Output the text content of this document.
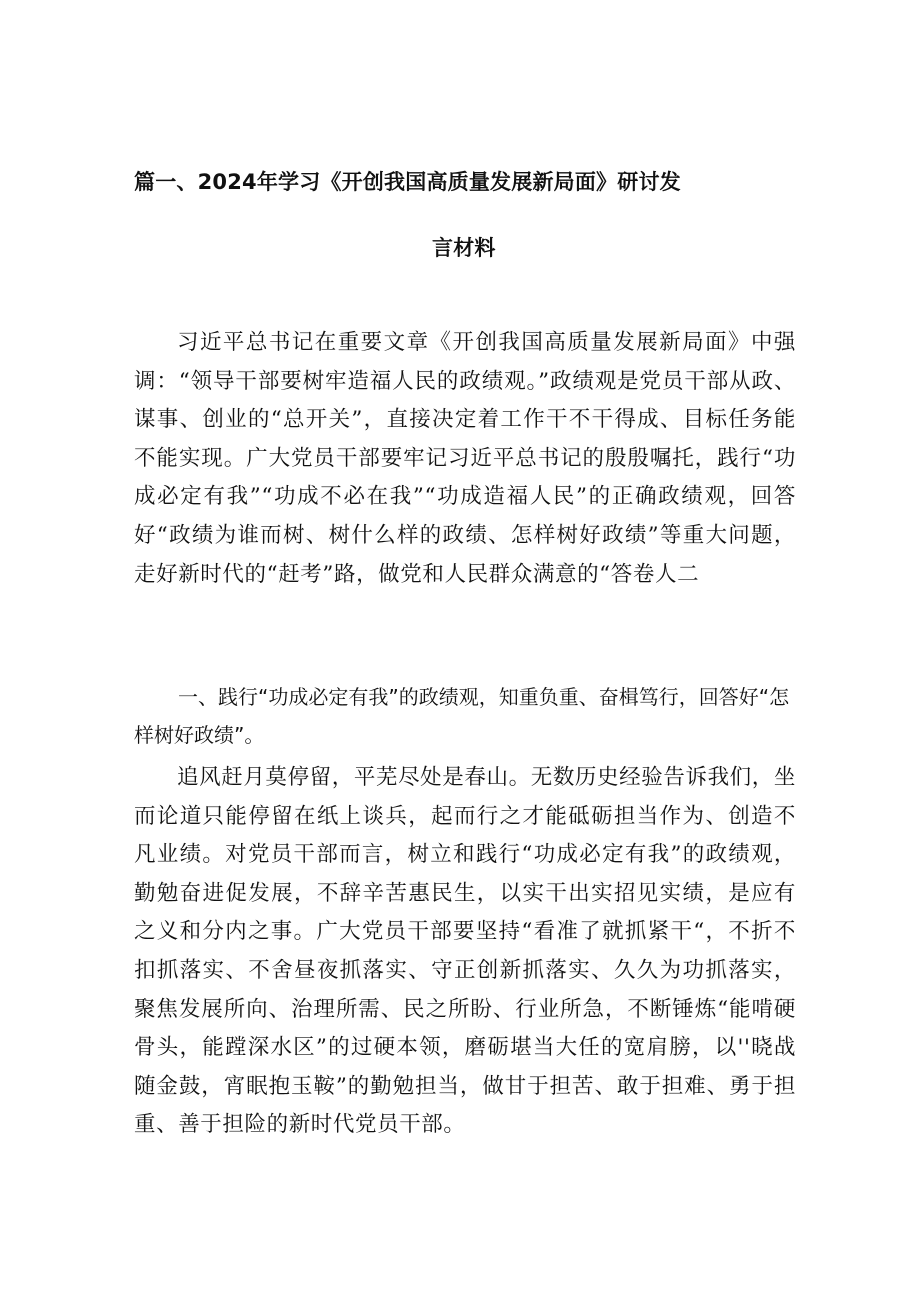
篇一、2024年学习《开创我国高质量发展新局面》研讨发
言材料

习近平总书记在重要文章《开创我国高质量发展新局面》中强调：“领导干部要树牢造福人民的政绩观。”政绩观是党员干部从政、谋事、创业的“总开关”，直接决定着工作干不干得成、目标任务能不能实现。广大党员干部要牢记习近平总书记的殷殷嘱托，践行“功成必定有我”“功成不必在我”“功成造福人民”的正确政绩观，回答好“政绩为谁而树、树什么样的政绩、怎样树好政绩”等重大问题，走好新时代的“赶考”路，做党和人民群众满意的“答卷人二

一、践行“功成必定有我”的政绩观，知重负重、奋楫笃行，回答好“怎样树好政绩”。

追风赶月莫停留，平芜尽处是春山。无数历史经验告诉我们，坐而论道只能停留在纸上谈兵，起而行之才能砥砺担当作为、创造不凡业绩。对党员干部而言，树立和践行“功成必定有我”的政绩观，勤勉奋进促发展，不辞辛苦惠民生，以实干出实招见实绩，是应有之义和分内之事。广大党员干部要坚持“看准了就抓紧干“，不折不扣抓落实、不舍昼夜抓落实、守正创新抓落实、久久为功抓落实，聚焦发展所向、治理所需、民之所盼、行业所急，不断锤炼“能啃硬骨头，能蹚深水区”的过硬本领，磨砺堪当大任的宽肩膀，以''晓战随金鼓，宵眠抱玉鞍”的勤勉担当，做甘于担苦、敢于担难、勇于担重、善于担险的新时代党员干部。
